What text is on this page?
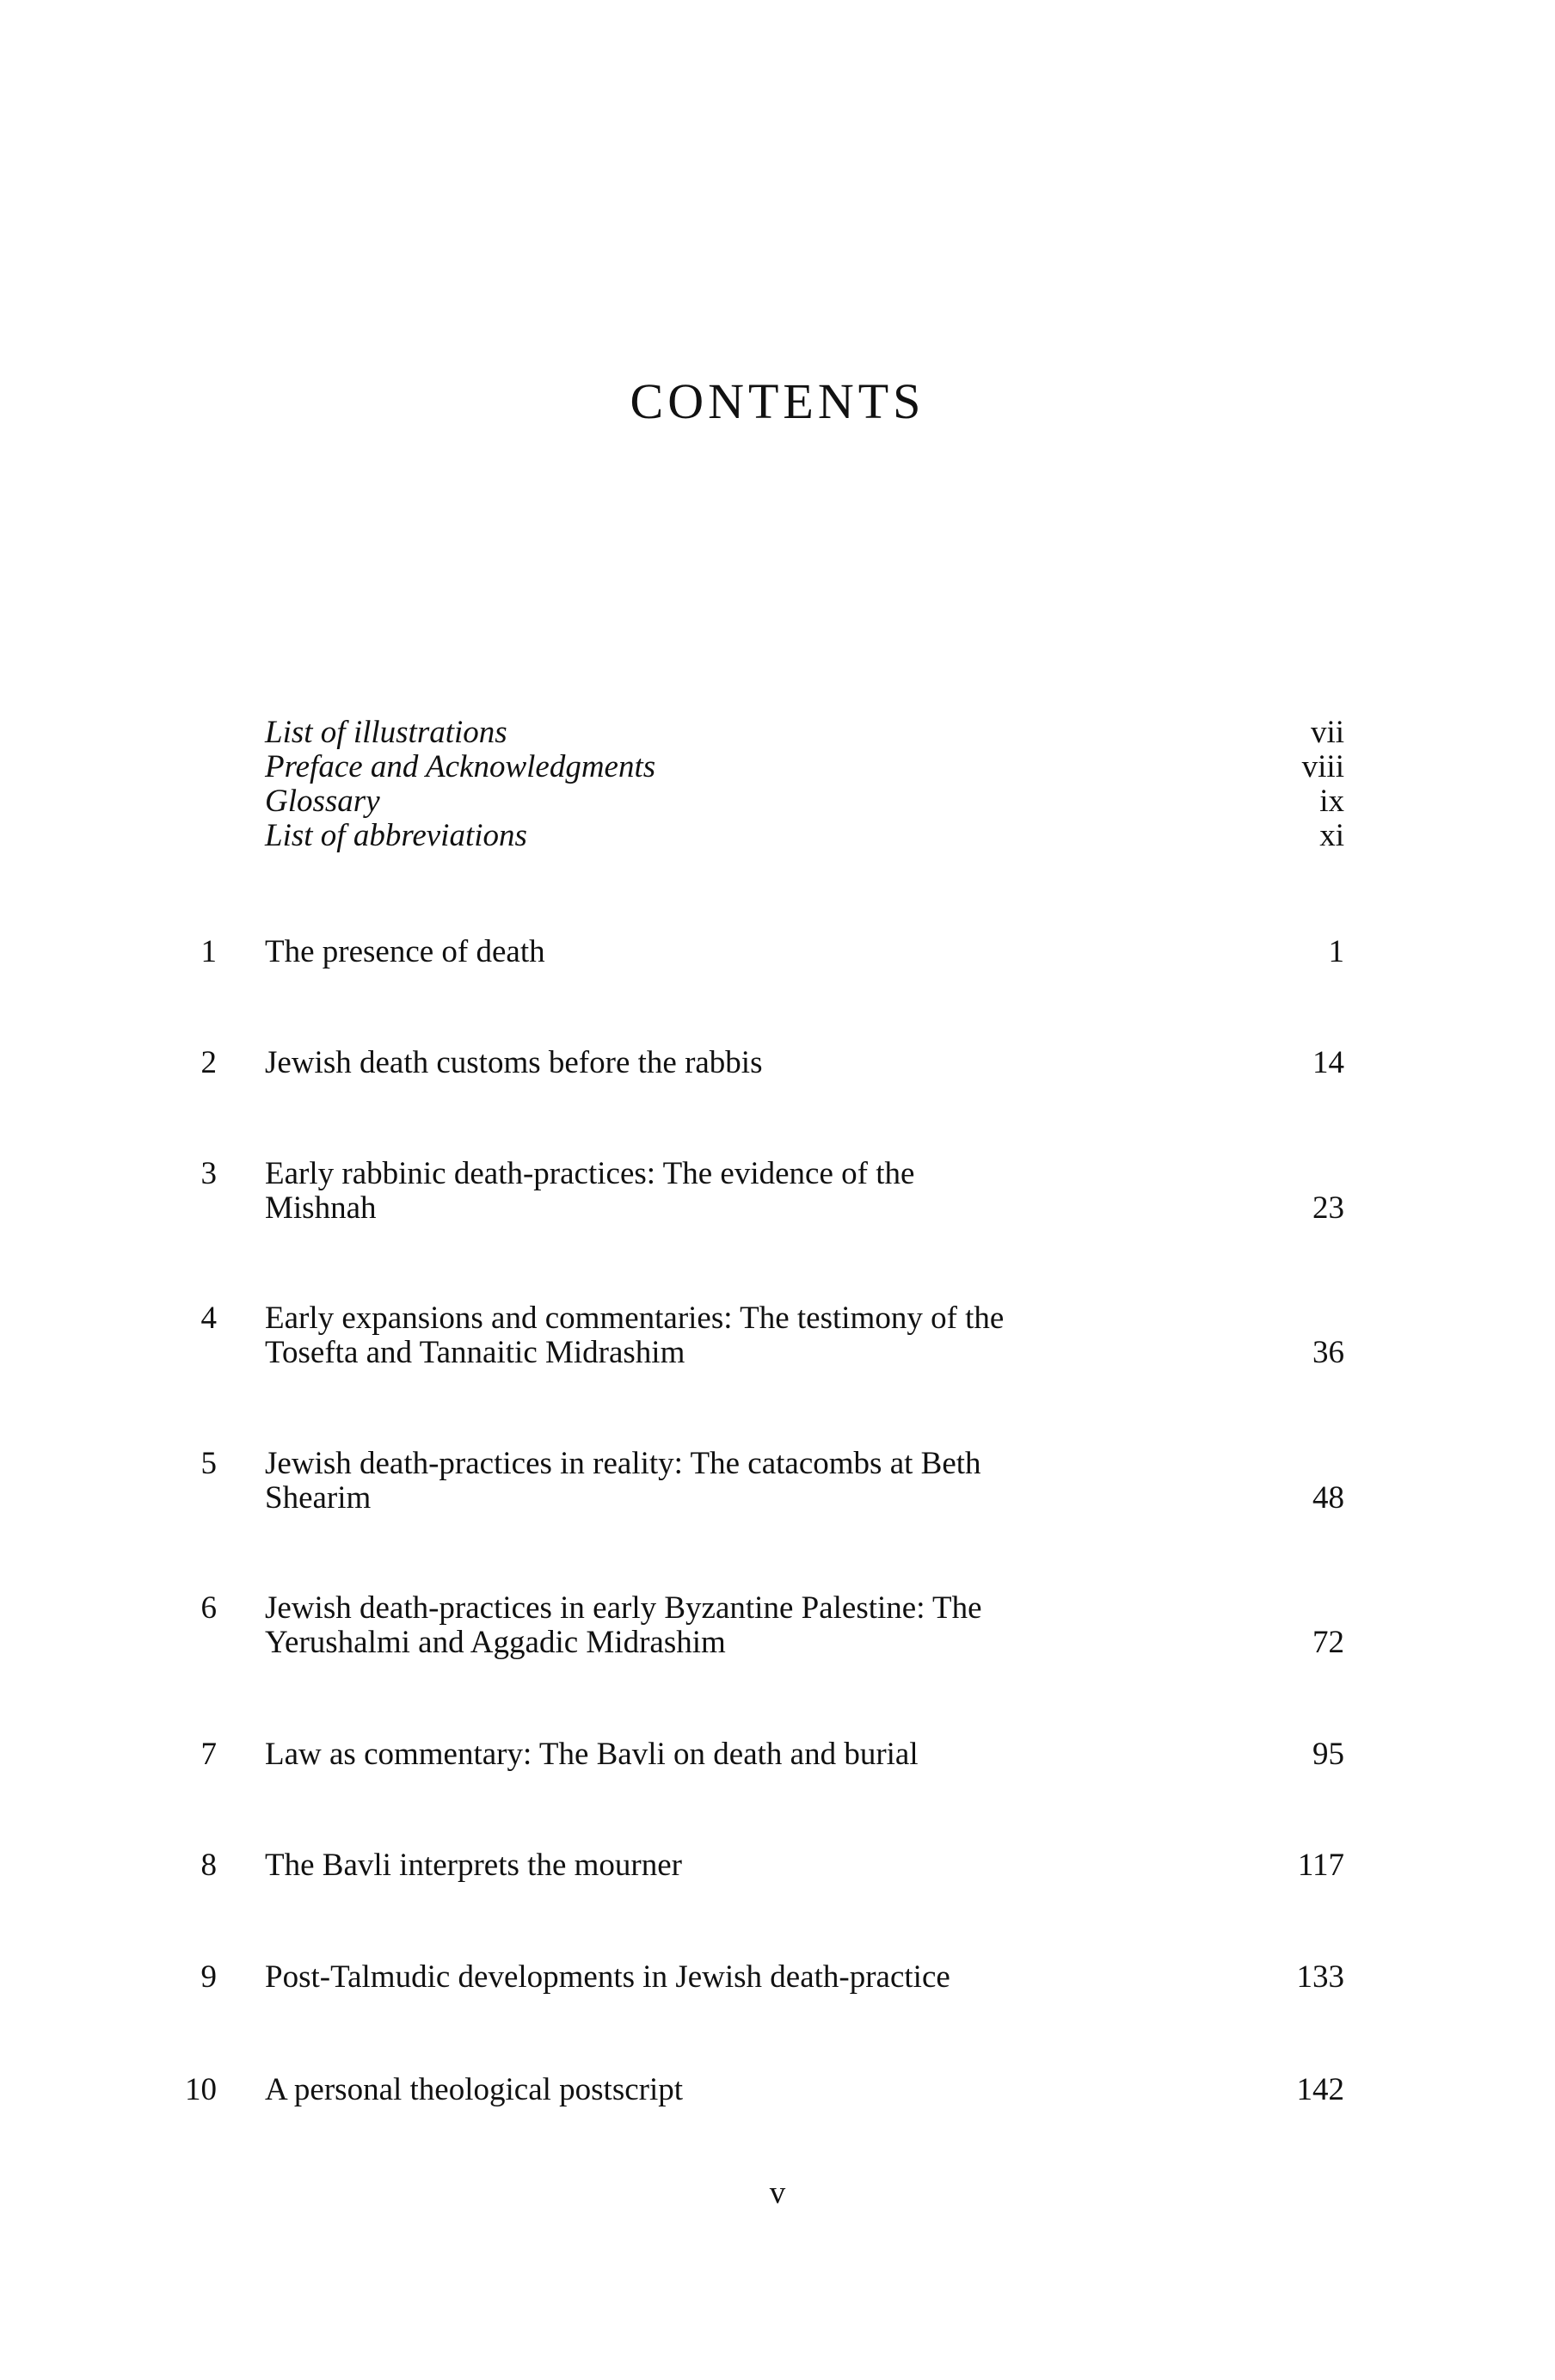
CONTENTS
List of illustrations	vii
Preface and Acknowledgments	viii
Glossary	ix
List of abbreviations	xi
1 The presence of death	1
2 Jewish death customs before the rabbis	14
3 Early rabbinic death-practices: The evidence of the
Mishnah	23
4 Early expansions and commentaries: The testimony of the
Tosefta and Tannaitic Midrashim	36
5 Jewish death-practices in reality: The catacombs at Beth
Shearim	48
6 Jewish death-practices in early Byzantine Palestine: The
Yerushalmi and Aggadic Midrashim	72
7 Law as commentary: The Bavli on death and burial	95
8 The Bavli interprets the mourner	117
9 Post-Talmudic developments in Jewish death-practice	133
10 A personal theological postscript	142
v
